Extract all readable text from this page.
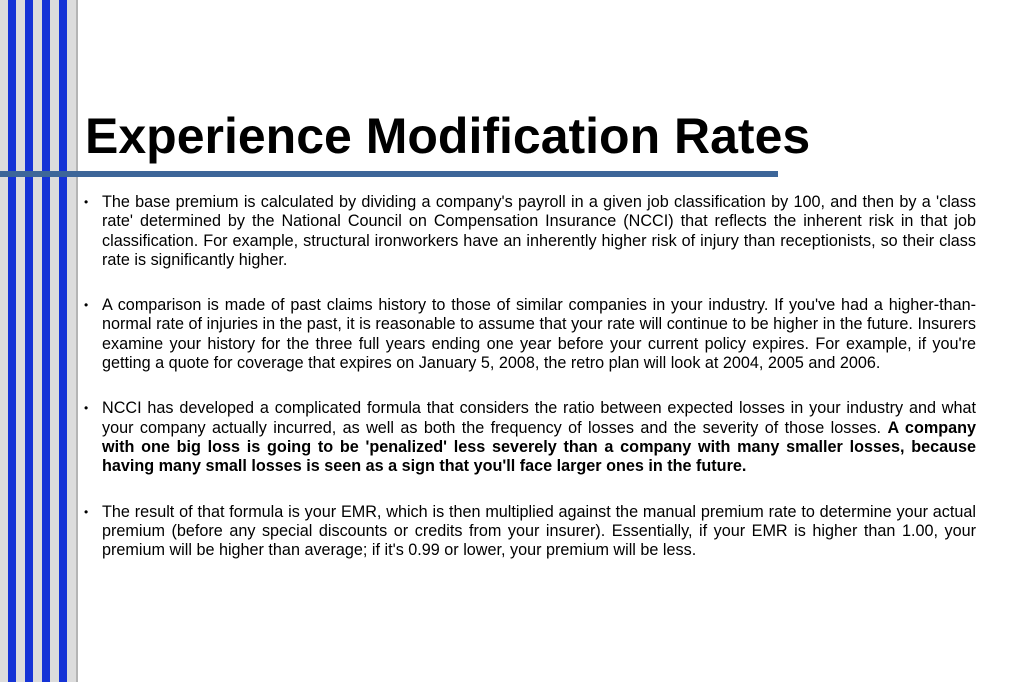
Experience Modification Rates
• The base premium is calculated by dividing a company's payroll in a given job classification by 100, and then by a 'class rate' determined by the National Council on Compensation Insurance (NCCI) that reflects the inherent risk in that job classification. For example, structural ironworkers have an inherently higher risk of injury than receptionists, so their class rate is significantly higher.
• A comparison is made of past claims history to those of similar companies in your industry. If you've had a higher-than-normal rate of injuries in the past, it is reasonable to assume that your rate will continue to be higher in the future. Insurers examine your history for the three full years ending one year before your current policy expires. For example, if you're getting a quote for coverage that expires on January 5, 2008, the retro plan will look at 2004, 2005 and 2006.
• NCCI has developed a complicated formula that considers the ratio between expected losses in your industry and what your company actually incurred, as well as both the frequency of losses and the severity of those losses. A company with one big loss is going to be 'penalized' less severely than a company with many smaller losses, because having many small losses is seen as a sign that you'll face larger ones in the future.
• The result of that formula is your EMR, which is then multiplied against the manual premium rate to determine your actual premium (before any special discounts or credits from your insurer). Essentially, if your EMR is higher than 1.00, your premium will be higher than average; if it's 0.99 or lower, your premium will be less.
